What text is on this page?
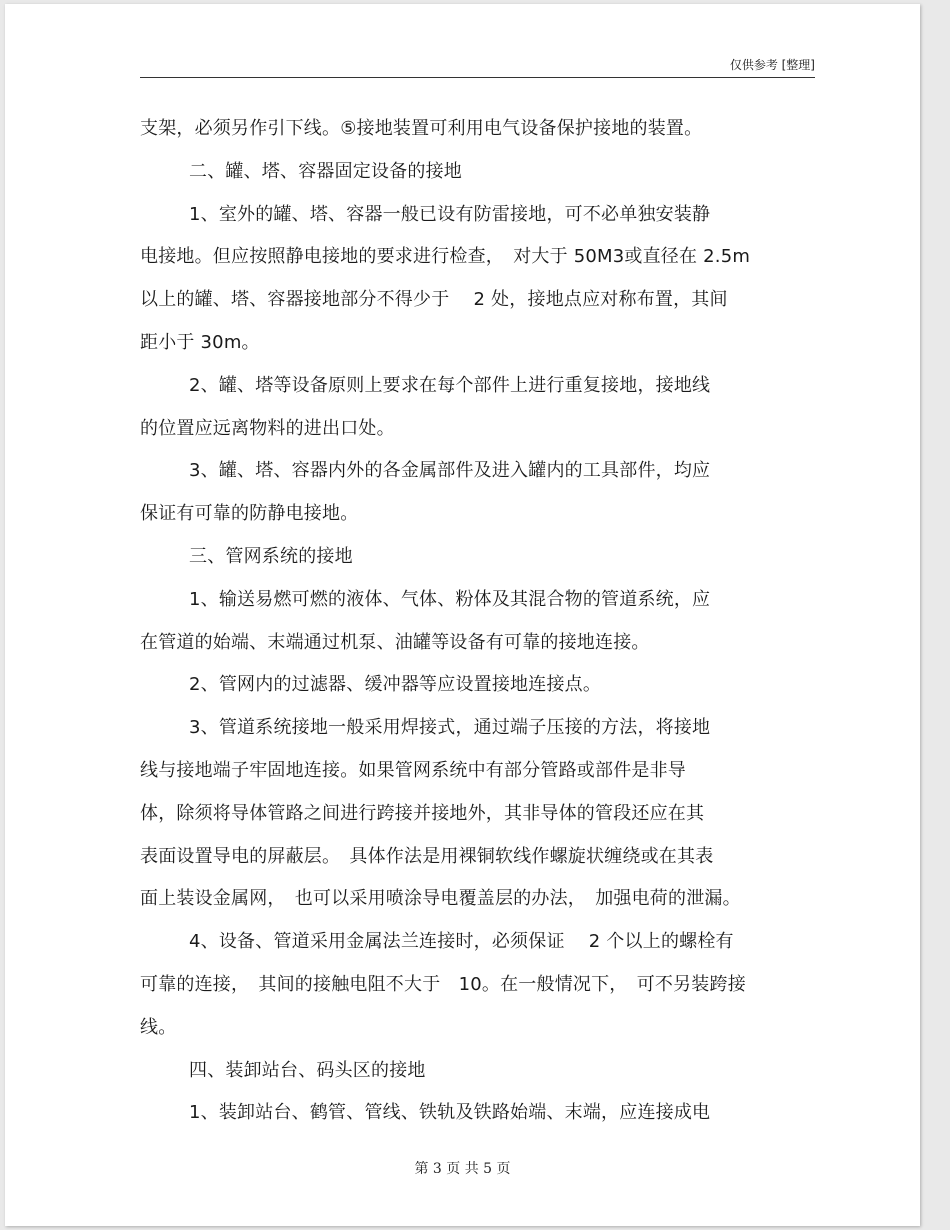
仅供参考 [整理]
支架，必须另作引下线。⑤接地装置可利用电气设备保护接地的装置。
二、罐、塔、容器固定设备的接地
1、室外的罐、塔、容器一般已设有防雷接地，可不必单独安装静
电接地。但应按照静电接地的要求进行检查，　对大于 50M3或直径在 2.5m
以上的罐、塔、容器接地部分不得少于　 2 处，接地点应对称布置，其间
距小于 30m。
2、罐、塔等设备原则上要求在每个部件上进行重复接地，接地线
的位置应远离物料的进出口处。
3、罐、塔、容器内外的各金属部件及进入罐内的工具部件，均应
保证有可靠的防静电接地。
三、管网系统的接地
1、输送易燃可燃的液体、气体、粉体及其混合物的管道系统，应
在管道的始端、末端通过机泵、油罐等设备有可靠的接地连接。
2、管网内的过滤器、缓冲器等应设置接地连接点。
3、管道系统接地一般采用焊接式，通过端子压接的方法，将接地
线与接地端子牢固地连接。如果管网系统中有部分管路或部件是非导
体，除须将导体管路之间进行跨接并接地外，其非导体的管段还应在其
表面设置导电的屏蔽层。　具体作法是用裸铜软线作螺旋状缠绕或在其表
面上装设金属网，　也可以采用喷涂导电覆盖层的办法，　加强电荷的泄漏。
4、设备、管道采用金属法兰连接时，必须保证　 2 个以上的螺栓有
可靠的连接，　其间的接触电阻不大于　10。在一般情况下，　可不另装跨接
线。
四、装卸站台、码头区的接地
1、装卸站台、鹤管、管线、铁轨及铁路始端、末端，应连接成电
第 3 页 共 5 页
